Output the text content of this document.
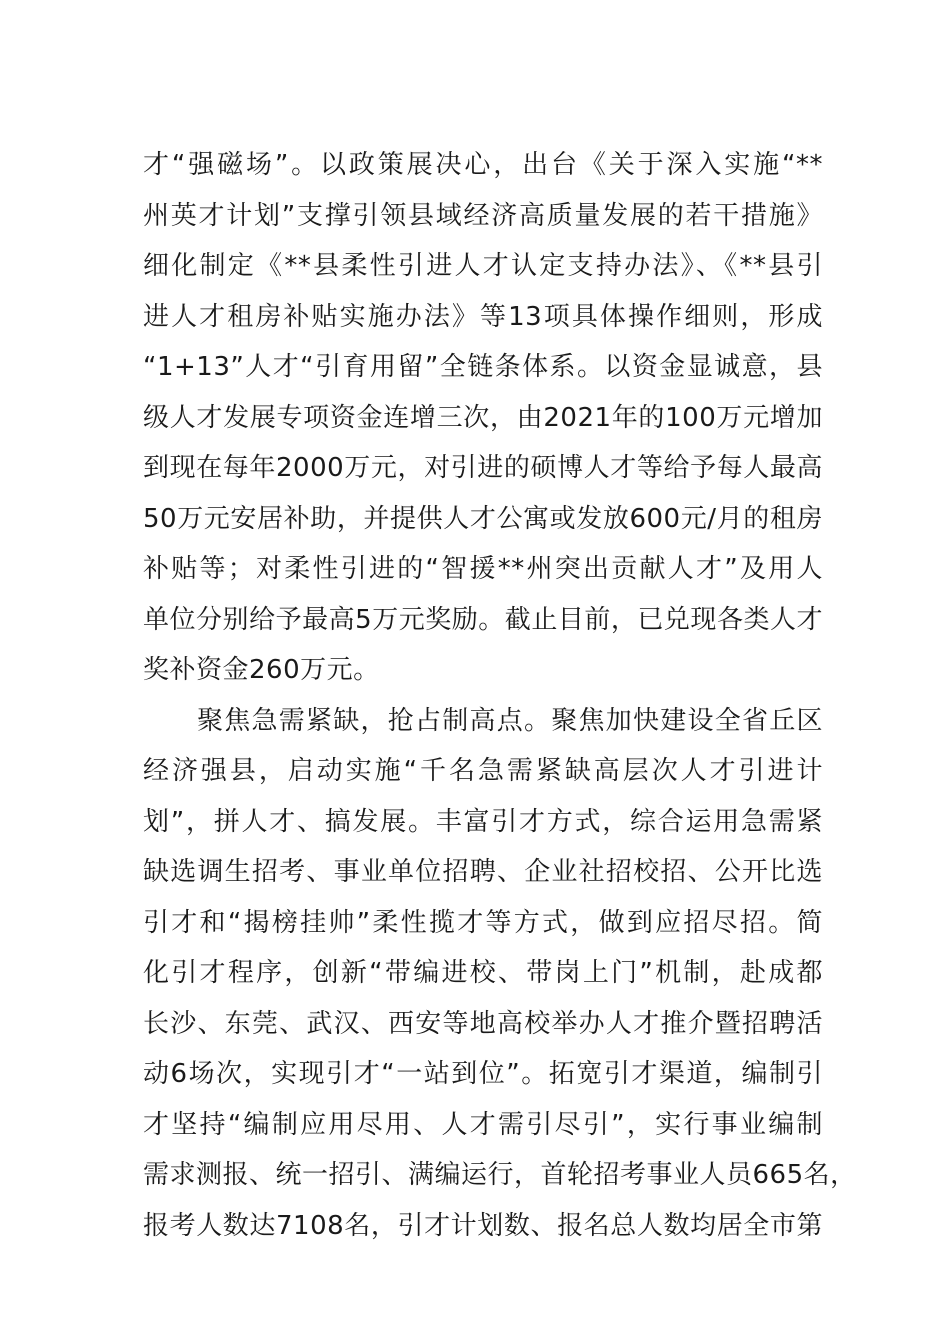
才“强磁场”。以政策展决心，出台《关于深入实施“**
州英才计划”支撑引领县域经济高质量发展的若干措施》
细化制定《**县柔性引进人才认定支持办法》、《**县引
进人才租房补贴实施办法》等13项具体操作细则，形成
“1+13”人才“引育用留”全链条体系。以资金显诚意，县
级人才发展专项资金连增三次，由2021年的100万元增加
到现在每年2000万元，对引进的硕博人才等给予每人最高
50万元安居补助，并提供人才公寓或发放600元/月的租房
补贴等；对柔性引进的“智援**州突出贡献人才”及用人
单位分别给予最高5万元奖励。截止目前，已兑现各类人才
奖补资金260万元。
聚焦急需紧缺，抢占制高点。聚焦加快建设全省丘区
经济强县，启动实施“千名急需紧缺高层次人才引进计
划”，拼人才、搞发展。丰富引才方式，综合运用急需紧
缺选调生招考、事业单位招聘、企业社招校招、公开比选
引才和“揭榜挂帅”柔性揽才等方式，做到应招尽招。简
化引才程序，创新“带编进校、带岗上门”机制，赴成都
长沙、东莞、武汉、西安等地高校举办人才推介暨招聘活
动6场次，实现引才“一站到位”。拓宽引才渠道，编制引
才坚持“编制应用尽用、人才需引尽引”，实行事业编制
需求测报、统一招引、满编运行，首轮招考事业人员665名，
报考人数达7108名，引才计划数、报名总人数均居全市第
